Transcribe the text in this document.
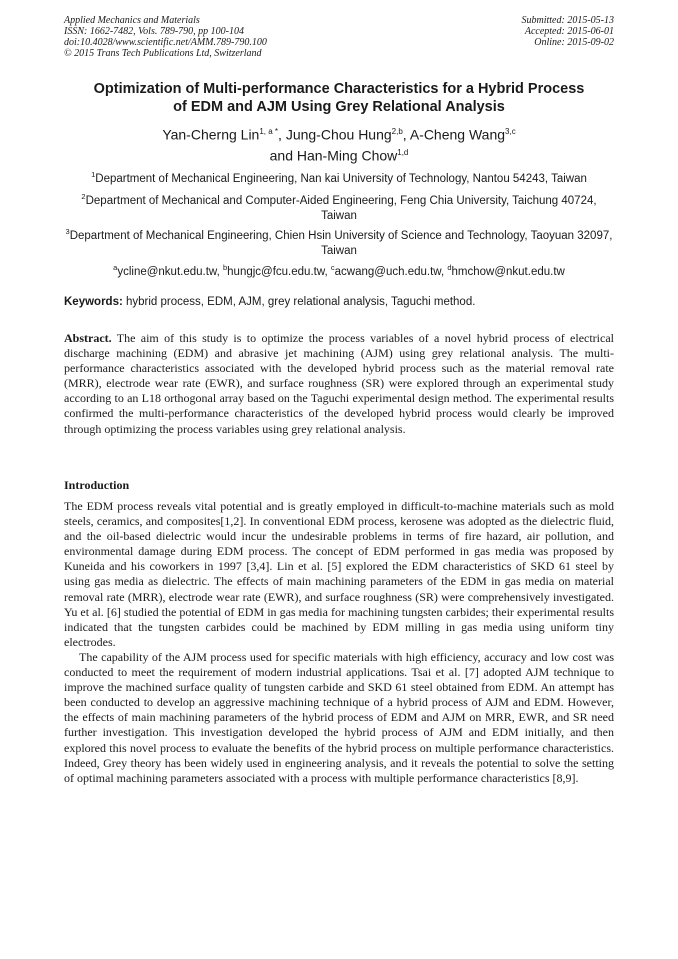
Applied Mechanics and Materials
ISSN: 1662-7482, Vols. 789-790, pp 100-104
doi:10.4028/www.scientific.net/AMM.789-790.100
© 2015 Trans Tech Publications Ltd, Switzerland
Submitted: 2015-05-13
Accepted: 2015-06-01
Online: 2015-09-02
Optimization of Multi-performance Characteristics for a Hybrid Process
of EDM and AJM Using Grey Relational Analysis
Yan-Cherng Lin$^{1, a *}$, Jung-Chou Hung$^{2,b}$, A-Cheng Wang$^{3,c}$
and Han-Ming Chow$^{1,d}$
$^1$Department of Mechanical Engineering, Nan kai University of Technology, Nantou 54243, Taiwan
$^2$Department of Mechanical and Computer-Aided Engineering, Feng Chia University, Taichung 40724, Taiwan
$^3$Department of Mechanical Engineering, Chien Hsin University of Science and Technology, Taoyuan 32097, Taiwan
$^a$ycline@nkut.edu.tw, $^b$hungjc@fcu.edu.tw, $^c$acwang@uch.edu.tw, $^d$hmchow@nkut.edu.tw
Keywords: hybrid process, EDM, AJM, grey relational analysis, Taguchi method.
Abstract. The aim of this study is to optimize the process variables of a novel hybrid process of electrical discharge machining (EDM) and abrasive jet machining (AJM) using grey relational analysis. The multi-performance characteristics associated with the developed hybrid process such as the material removal rate (MRR), electrode wear rate (EWR), and surface roughness (SR) were explored through an experimental study according to an L18 orthogonal array based on the Taguchi experimental design method. The experimental results confirmed the multi-performance characteristics of the developed hybrid process would clearly be improved through optimizing the process variables using grey relational analysis.
Introduction

The EDM process reveals vital potential and is greatly employed in difficult-to-machine materials such as mold steels, ceramics, and composites[1,2]. In conventional EDM process, kerosene was adopted as the dielectric fluid, and the oil-based dielectric would incur the undesirable problems in terms of fire hazard, air pollution, and environmental damage during EDM process. The concept of EDM performed in gas media was proposed by Kuneida and his coworkers in 1997 [3,4]. Lin et al. [5] explored the EDM characteristics of SKD 61 steel by using gas media as dielectric. The effects of main machining parameters of the EDM in gas media on material removal rate (MRR), electrode wear rate (EWR), and surface roughness (SR) were comprehensively investigated. Yu et al. [6] studied the potential of EDM in gas media for machining tungsten carbides; their experimental results indicated that the tungsten carbides could be machined by EDM milling in gas media using uniform tiny electrodes.

The capability of the AJM process used for specific materials with high efficiency, accuracy and low cost was conducted to meet the requirement of modern industrial applications. Tsai et al. [7] adopted AJM technique to improve the machined surface quality of tungsten carbide and SKD 61 steel obtained from EDM. An attempt has been conducted to develop an aggressive machining technique of a hybrid process of AJM and EDM. However, the effects of main machining parameters of the hybrid process of EDM and AJM on MRR, EWR, and SR need further investigation. This investigation developed the hybrid process of AJM and EDM initially, and then explored this novel process to evaluate the benefits of the hybrid process on multiple performance characteristics. Indeed, Grey theory has been widely used in engineering analysis, and it reveals the potential to solve the setting of optimal machining parameters associated with a process with multiple performance characteristics [8,9].
